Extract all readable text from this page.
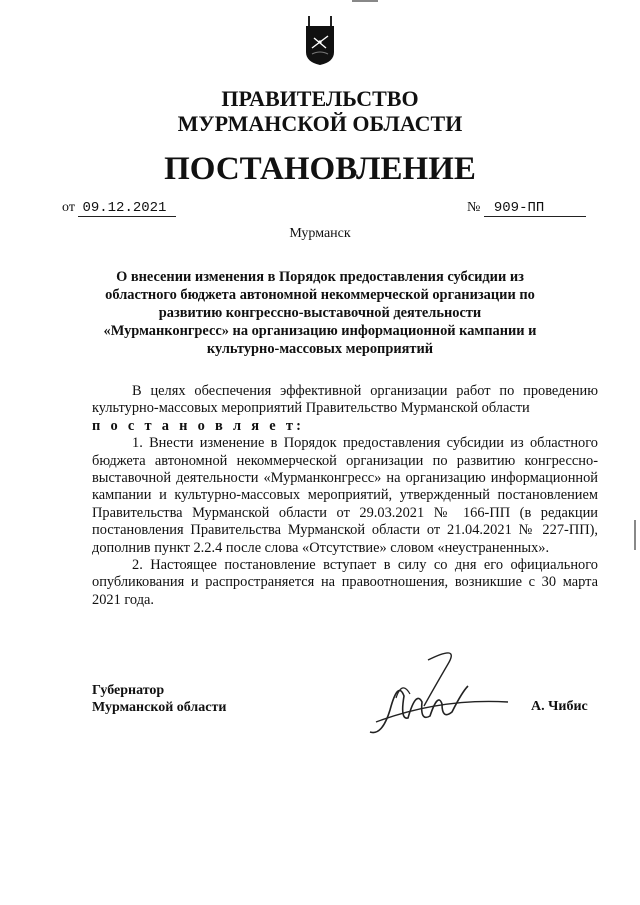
ПРАВИТЕЛЬСТВО
МУРМАНСКОЙ ОБЛАСТИ
ПОСТАНОВЛЕНИЕ
от 09.12.2021	№ 909-ПП
Мурманск
О внесении изменения в Порядок предоставления субсидии из областного бюджета автономной некоммерческой организации по развитию конгрессно-выставочной деятельности «Мурманконгресс» на организацию информационной кампании и культурно-массовых мероприятий

В целях обеспечения эффективной организации работ по проведению культурно-массовых мероприятий Правительство Мурманской области

п о с т а н о в л я е т:

1. Внести изменение в Порядок предоставления субсидии из областного бюджета автономной некоммерческой организации по развитию конгрессно-выставочной деятельности «Мурманконгресс» на организацию информационной кампании и культурно-массовых мероприятий, утвержденный постановлением Правительства Мурманской области от 29.03.2021 № 166-ПП (в редакции постановления Правительства Мурманской области от 21.04.2021 № 227-ПП), дополнив пункт 2.2.4 после слова «Отсутствие» словом «неустраненных».

2. Настоящее постановление вступает в силу со дня его официального опубликования и распространяется на правоотношения, возникшие с 30 марта 2021 года.

Губернатор
Мурманской области	А. Чибис
